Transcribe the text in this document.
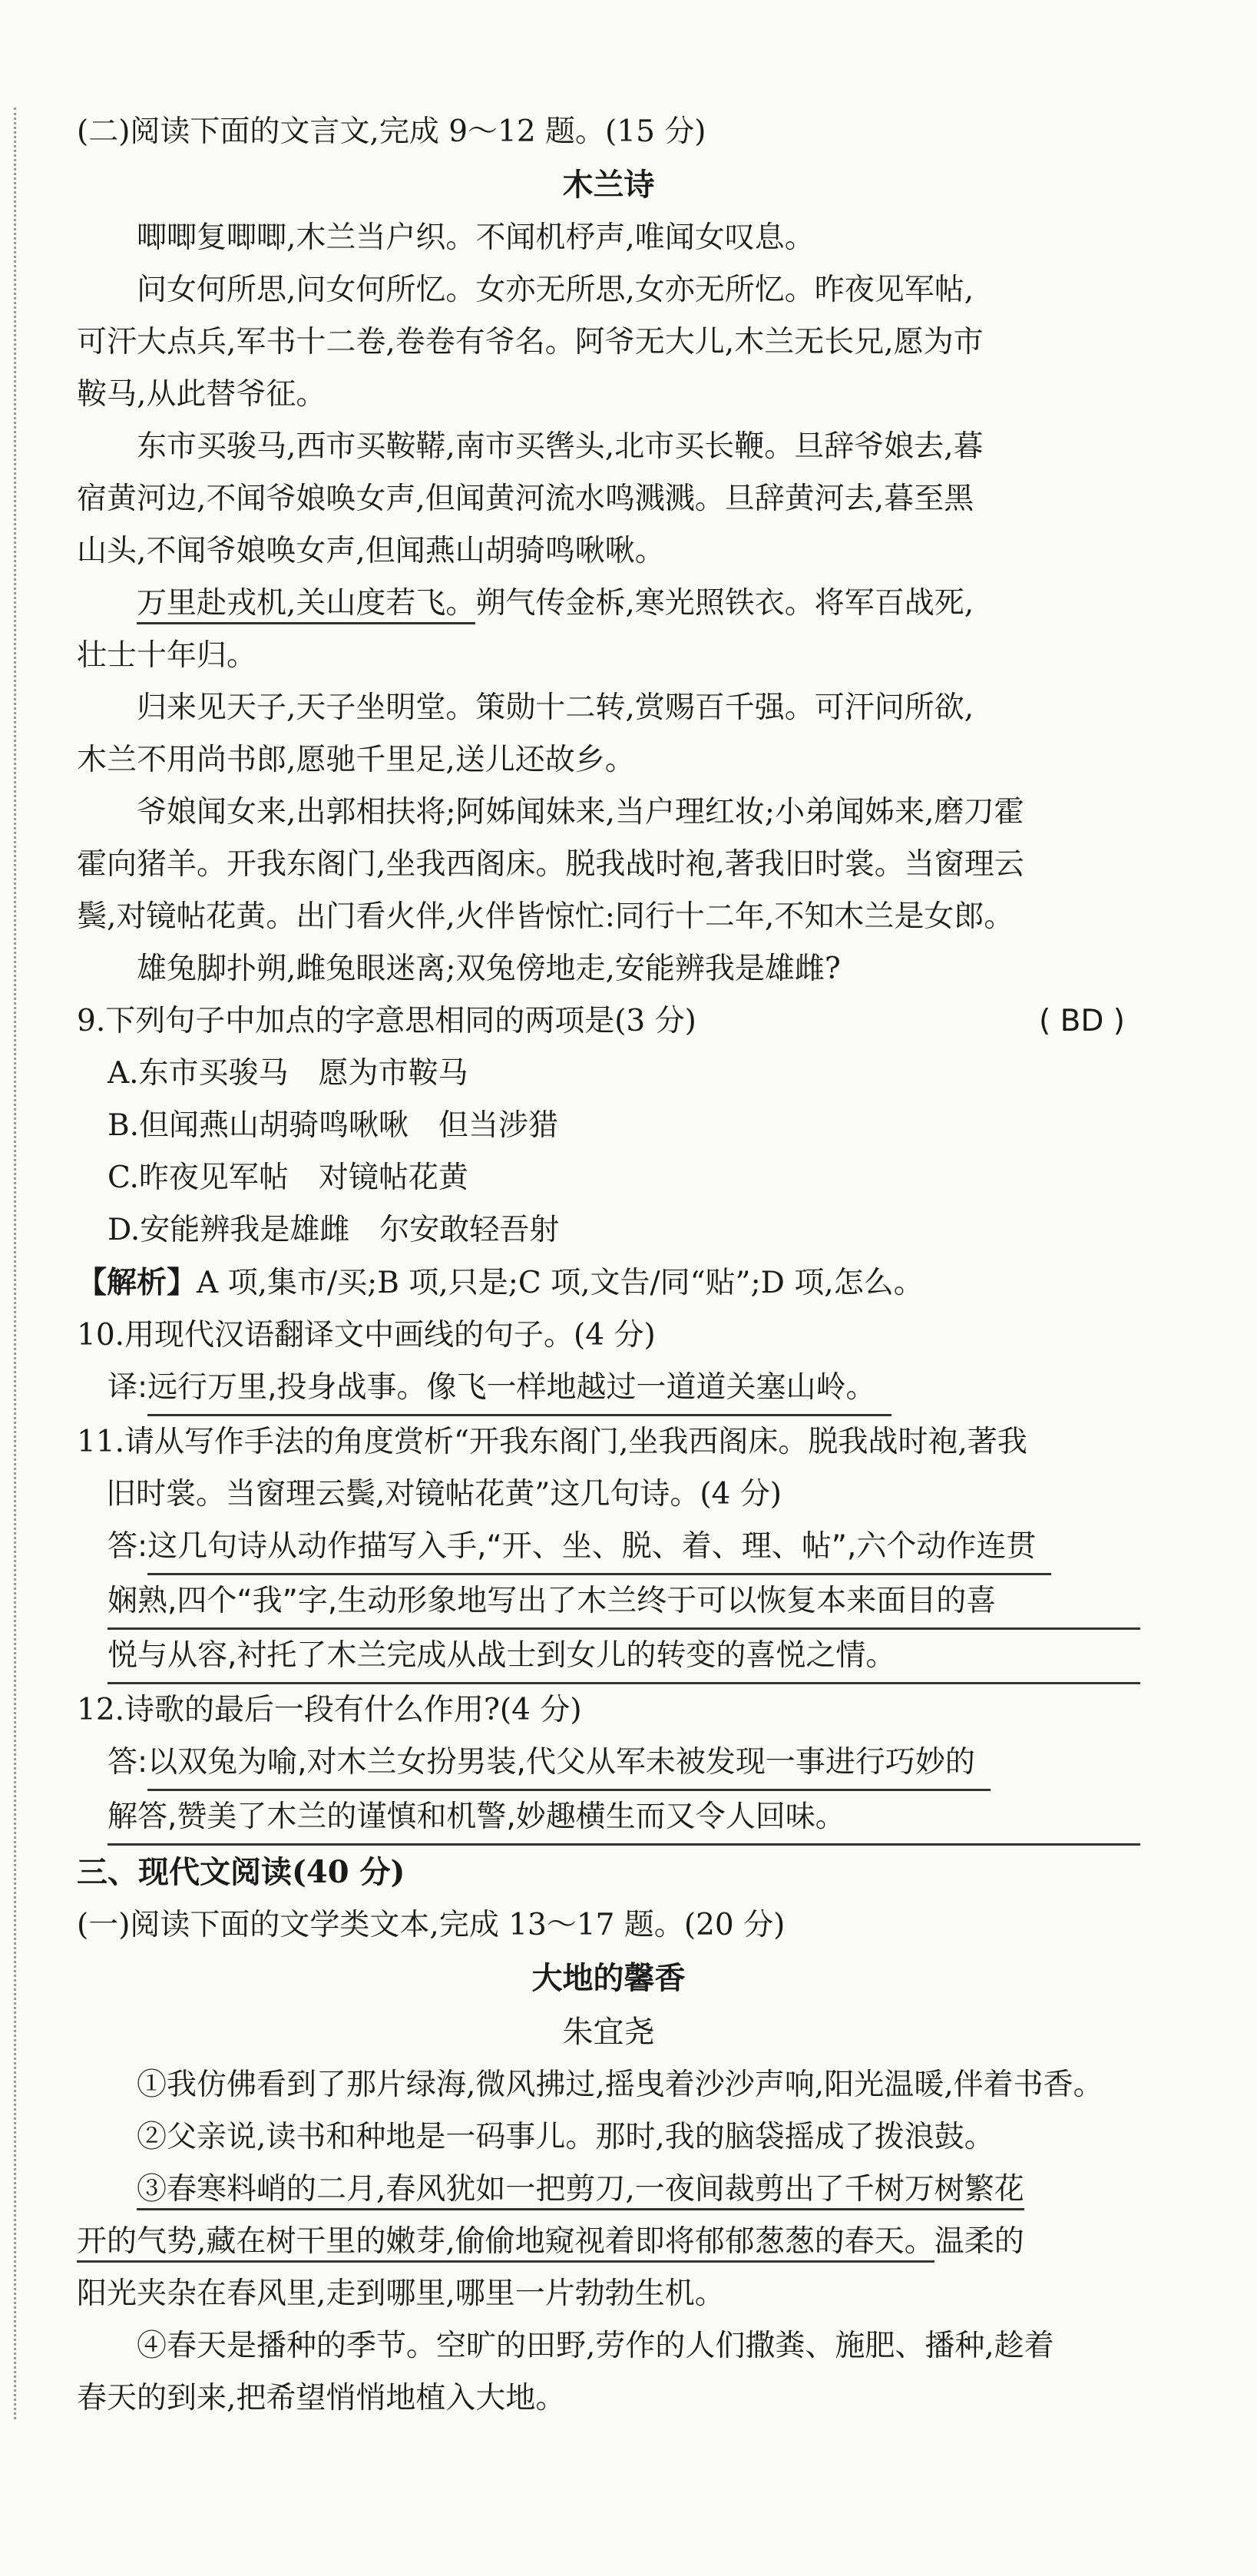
(二)阅读下面的文言文,完成 9～12 题。(15 分)
木兰诗
唧唧复唧唧,木兰当户织。不闻机杼声,唯闻女叹息。
问女何所思,问女何所忆。女亦无所思,女亦无所忆。昨夜见军帖,
可汗大点兵,军书十二卷,卷卷有爷名。阿爷无大儿,木兰无长兄,愿为市
鞍马,从此替爷征。
东市买骏马,西市买鞍鞯,南市买辔头,北市买长鞭。旦辞爷娘去,暮
宿黄河边,不闻爷娘唤女声,但闻黄河流水鸣溅溅。旦辞黄河去,暮至黑
山头,不闻爷娘唤女声,但闻燕山胡骑鸣啾啾。
万里赴戎机,关山度若飞。朔气传金柝,寒光照铁衣。将军百战死,
壮士十年归。
归来见天子,天子坐明堂。策勋十二转,赏赐百千强。可汗问所欲,
木兰不用尚书郎,愿驰千里足,送儿还故乡。
爷娘闻女来,出郭相扶将;阿姊闻妹来,当户理红妆;小弟闻姊来,磨刀霍
霍向猪羊。开我东阁门,坐我西阁床。脱我战时袍,著我旧时裳。当窗理云
鬓,对镜帖花黄。出门看火伴,火伴皆惊忙:同行十二年,不知木兰是女郎。
雄兔脚扑朔,雌兔眼迷离;双兔傍地走,安能辨我是雄雌?
9.下列句子中加点的字意思相同的两项是(3 分)	( BD )
A.东市买骏马　愿为市鞍马
B.但闻燕山胡骑鸣啾啾　但当涉猎
C.昨夜见军帖　对镜帖花黄
D.安能辨我是雄雌　尔安敢轻吾射
【解析】A 项,集市/买;B 项,只是;C 项,文告/同“贴”;D 项,怎么。
10.用现代汉语翻译文中画线的句子。(4 分)
译:远行万里,投身战事。像飞一样地越过一道道关塞山岭。
11.请从写作手法的角度赏析“开我东阁门,坐我西阁床。脱我战时袍,著我
旧时裳。当窗理云鬓,对镜帖花黄”这几句诗。(4 分)
答:这几句诗从动作描写入手,“开、坐、脱、着、理、帖”,六个动作连贯
娴熟,四个“我”字,生动形象地写出了木兰终于可以恢复本来面目的喜
悦与从容,衬托了木兰完成从战士到女儿的转变的喜悦之情。
12.诗歌的最后一段有什么作用?(4 分)
答:以双兔为喻,对木兰女扮男装,代父从军未被发现一事进行巧妙的
解答,赞美了木兰的谨慎和机警,妙趣横生而又令人回味。
三、现代文阅读(40 分)
(一)阅读下面的文学类文本,完成 13～17 题。(20 分)
大地的馨香
朱宜尧
①我仿佛看到了那片绿海,微风拂过,摇曳着沙沙声响,阳光温暖,伴着书香。
②父亲说,读书和种地是一码事儿。那时,我的脑袋摇成了拨浪鼓。
③春寒料峭的二月,春风犹如一把剪刀,一夜间裁剪出了千树万树繁花
开的气势,藏在树干里的嫩芽,偷偷地窥视着即将郁郁葱葱的春天。温柔的
阳光夹杂在春风里,走到哪里,哪里一片勃勃生机。
④春天是播种的季节。空旷的田野,劳作的人们撒粪、施肥、播种,趁着
春天的到来,把希望悄悄地植入大地。
